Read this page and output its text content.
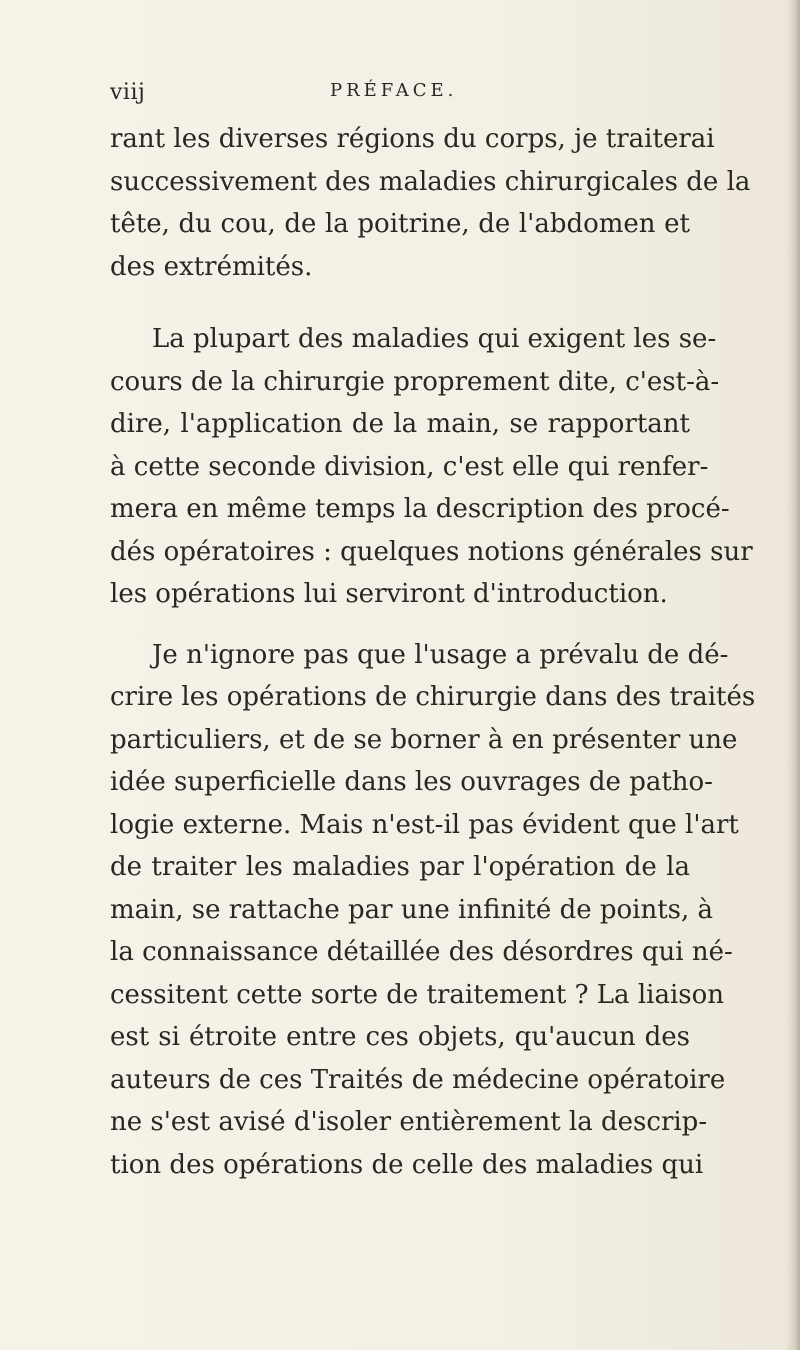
viij	PRÉFACE.
rant les diverses régions du corps, je traiterai
successivement des maladies chirurgicales de la
tête, du cou, de la poitrine, de l'abdomen et
des extrémités.
La plupart des maladies qui exigent les se-
cours de la chirurgie proprement dite, c'est-à-
dire, l'application de la main, se rapportant
à cette seconde division, c'est elle qui renfer-
mera en même temps la description des procé-
dés opératoires : quelques notions générales sur
les opérations lui serviront d'introduction.
Je n'ignore pas que l'usage a prévalu de dé-
crire les opérations de chirurgie dans des traités
particuliers, et de se borner à en présenter une
idée superficielle dans les ouvrages de patho-
logie externe. Mais n'est-il pas évident que l'art
de traiter les maladies par l'opération de la
main, se rattache par une infinité de points, à
la connaissance détaillée des désordres qui né-
cessitent cette sorte de traitement ? La liaison
est si étroite entre ces objets, qu'aucun des
auteurs de ces Traités de médecine opératoire
ne s'est avisé d'isoler entièrement la descrip-
tion des opérations de celle des maladies qui
